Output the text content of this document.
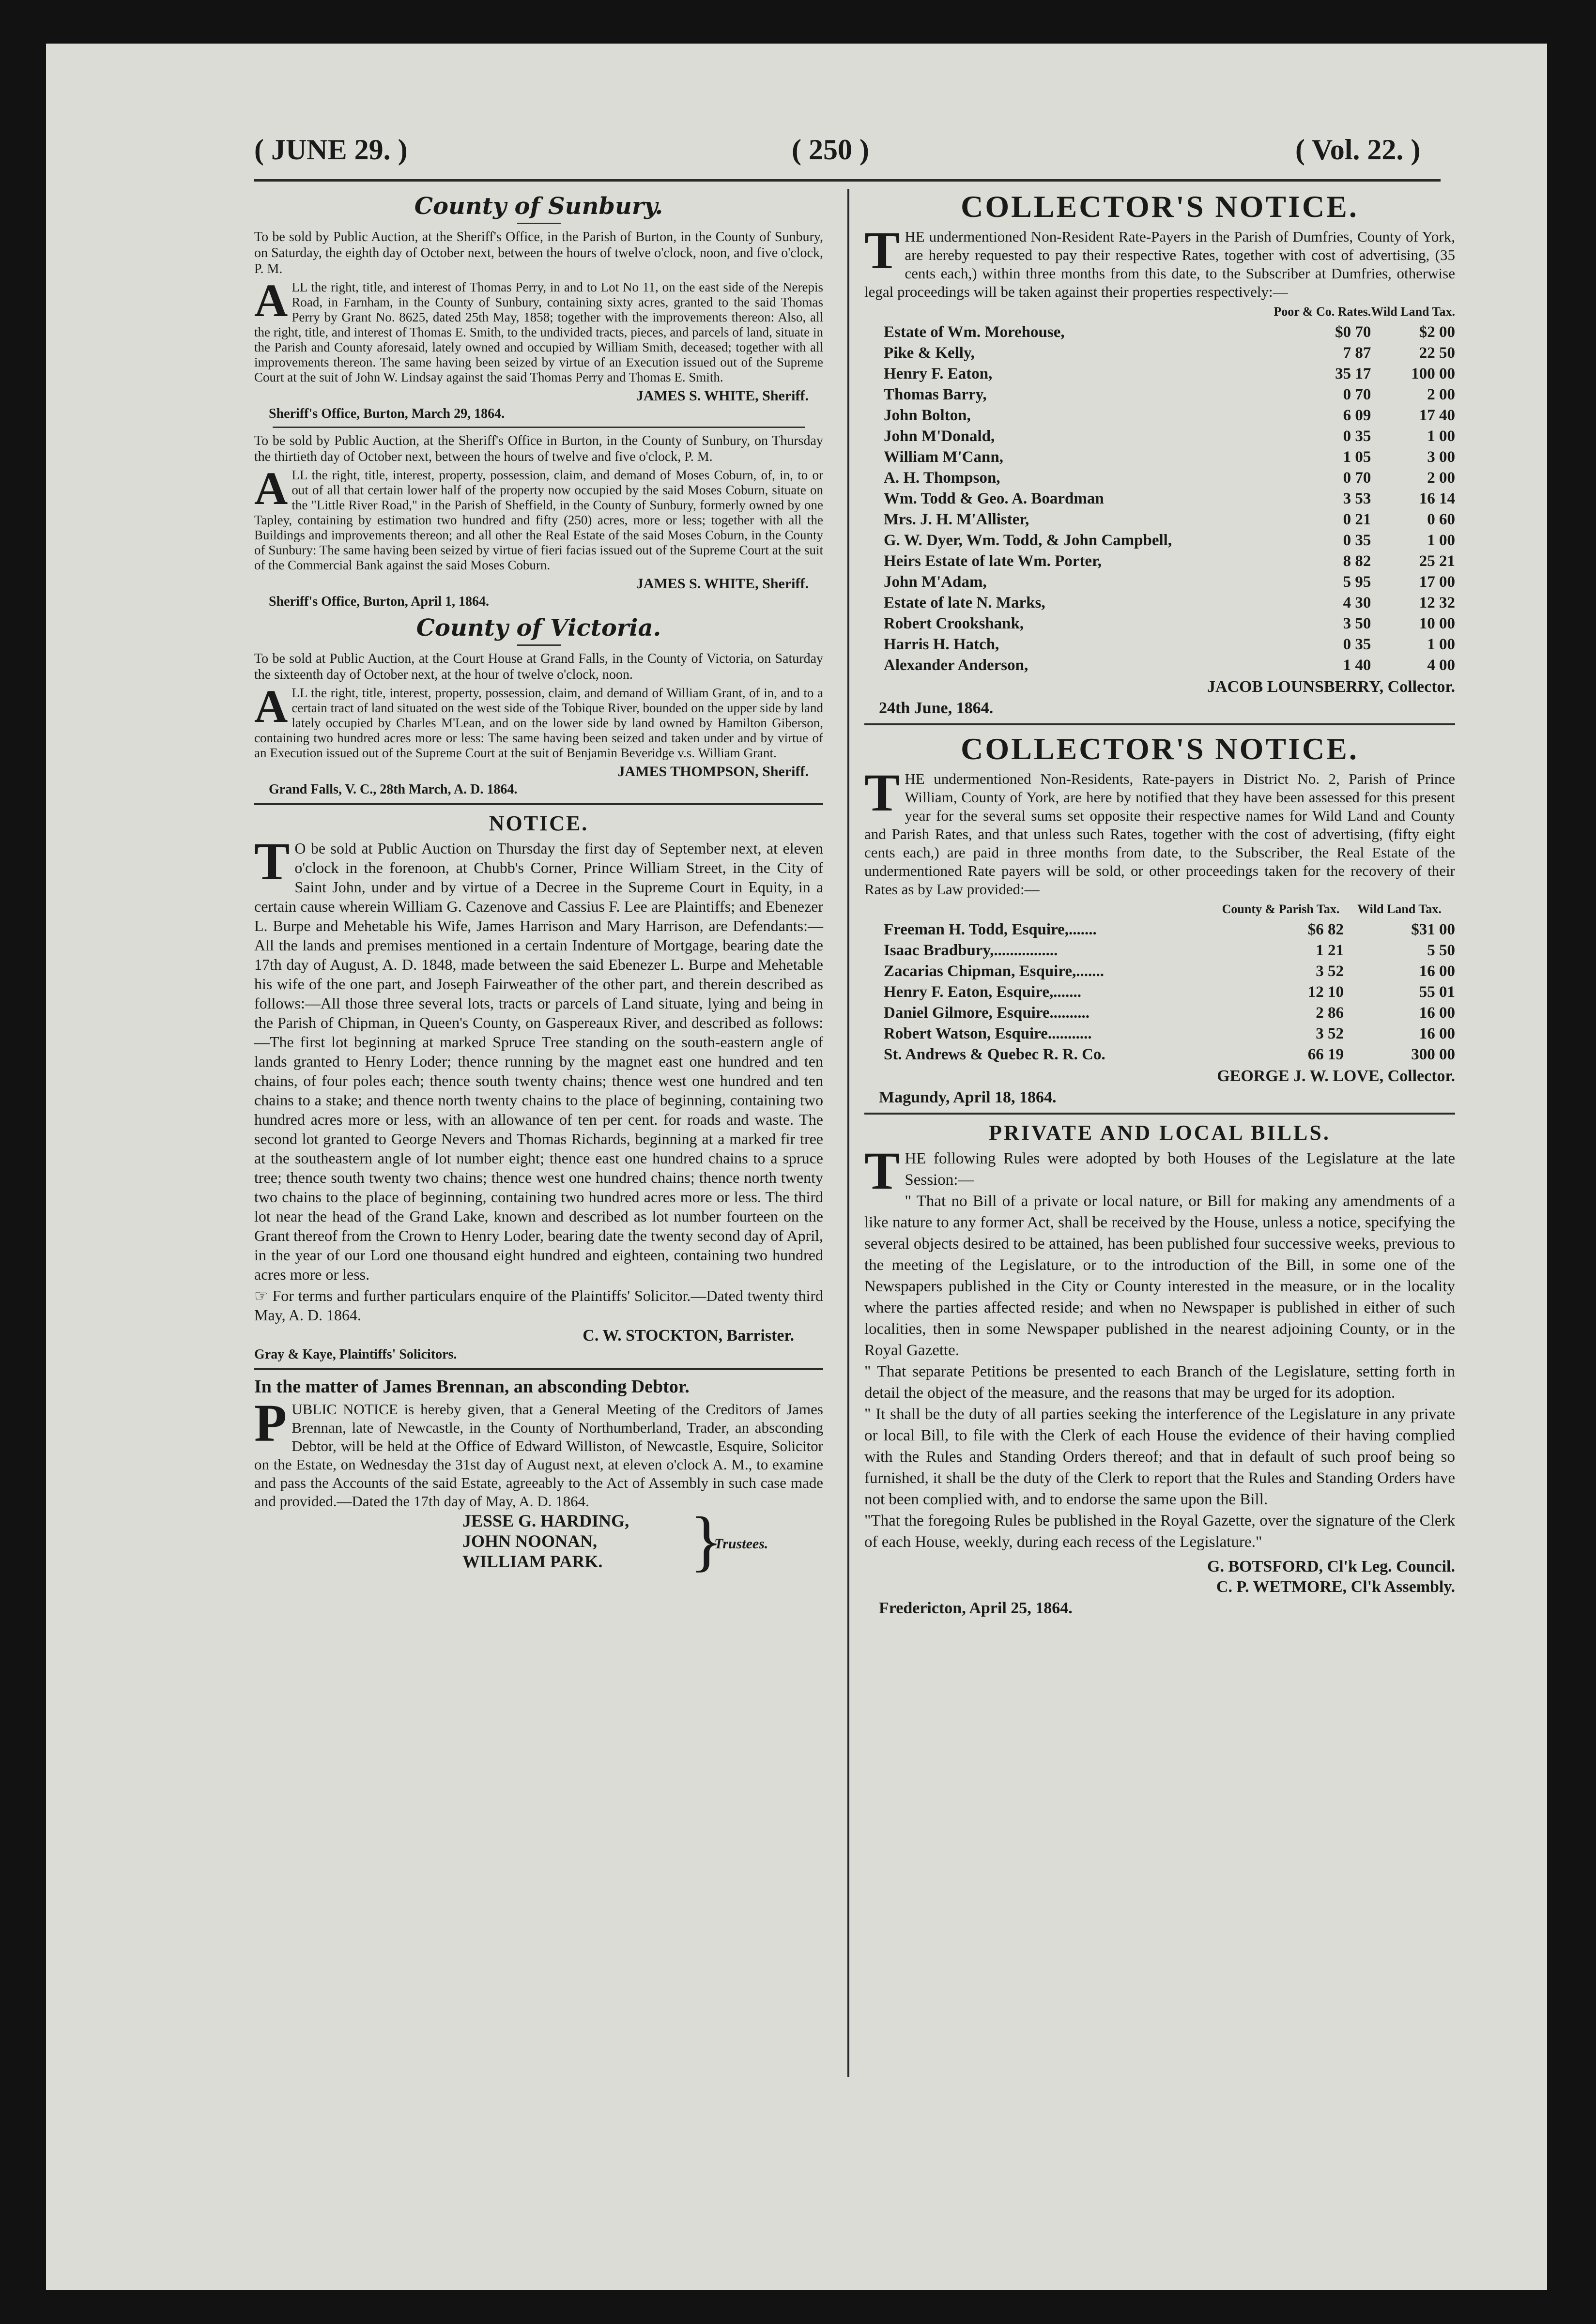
( JUNE 29. )	( 250 )	( Vol. 22. )
County of Sunbury.

To be sold by Public Auction, at the Sheriff's Office, in the Parish of Burton, in the County of Sunbury, on Saturday, the eighth day of October next, between the hours of twelve o'clock, noon, and five o'clock, P. M.

ALL the right, title, and interest of Thomas Perry, in and to Lot No 11, on the east side of the Nerepis Road, in Farnham, in the County of Sunbury, containing sixty acres, granted to the said Thomas Perry by Grant No. 8625, dated 25th May, 1858; together with the improvements thereon: Also, all the right, title, and interest of Thomas E. Smith, to the undivided tracts, pieces, and parcels of land, situate in the Parish and County aforesaid, lately owned and occupied by William Smith, deceased; together with all improvements thereon. The same having been seized by virtue of an Execution issued out of the Supreme Court at the suit of John W. Lindsay against the said Thomas Perry and Thomas E. Smith.

JAMES S. WHITE, Sheriff.
Sheriff's Office, Burton, March 29, 1864.

To be sold by Public Auction, at the Sheriff's Office in Burton, in the County of Sunbury, on Thursday the thirtieth day of October next, between the hours of twelve and five o'clock, P. M.

ALL the right, title, interest, property, possession, claim, and demand of Moses Coburn, of, in, to or out of all that certain lower half of the property now occupied by the said Moses Coburn, situate on the "Little River Road," in the Parish of Sheffield, in the County of Sunbury, formerly owned by one Tapley, containing by estimation two hundred and fifty (250) acres, more or less; together with all the Buildings and improvements thereon; and all other the Real Estate of the said Moses Coburn, in the County of Sunbury: The same having been seized by virtue of fieri facias issued out of the Supreme Court at the suit of the Commercial Bank against the said Moses Coburn.

JAMES S. WHITE, Sheriff.
Sheriff's Office, Burton, April 1, 1864.
County of Victoria.

To be sold at Public Auction, at the Court House at Grand Falls, in the County of Victoria, on Saturday the sixteenth day of October next, at the hour of twelve o'clock, noon.

ALL the right, title, interest, property, possession, claim, and demand of William Grant, of in, and to a certain tract of land situated on the west side of the Tobique River, bounded on the upper side by land lately occupied by Charles M'Lean, and on the lower side by land owned by Hamilton Giberson, containing two hundred acres more or less: The same having been seized and taken under and by virtue of an Execution issued out of the Supreme Court at the suit of Benjamin Beveridge v.s. William Grant.

JAMES THOMPSON, Sheriff.
Grand Falls, V. C., 28th March, A. D. 1864.
NOTICE.

T O be sold at Public Auction on Thursday the first day of September next, at eleven o'clock in the forenoon, at Chubb's Corner, Prince William Street, in the City of Saint John, under and by virtue of a Decree in the Supreme Court in Equity, in a certain cause wherein William G. Cazenove and Cassius F. Lee are Plaintiffs; and Ebenezer L. Burpe and Mehetable his Wife, James Harrison and Mary Harrison, are Defendants:—All the lands and premises mentioned in a certain Indenture of Mortgage, bearing date the 17th day of August, A. D. 1848, made between the said Ebenezer L. Burpe and Mehetable his wife of the one part, and Joseph Fairweather of the other part, and therein described as follows:—All those three several lots, tracts or parcels of Land situate, lying and being in the Parish of Chipman, in Queen's County, on Gaspereaux River, and described as follows:—The first lot beginning at marked Spruce Tree standing on the south-eastern angle of lands granted to Henry Loder; thence running by the magnet east one hundred and ten chains, of four poles each; thence south twenty chains; thence west one hundred and ten chains to a stake; and thence north twenty chains to the place of beginning, containing two hundred acres more or less, with an allowance of ten per cent. for roads and waste. The second lot granted to George Nevers and Thomas Richards, beginning at a marked fir tree at the southeastern angle of lot number eight; thence east one hundred chains to a spruce tree; thence south twenty two chains; thence west one hundred chains; thence north twenty two chains to the place of beginning, containing two hundred acres more or less. The third lot near the head of the Grand Lake, known and described as lot number fourteen on the Grant thereof from the Crown to Henry Loder, bearing date the twenty second day of April, in the year of our Lord one thousand eight hundred and eighteen, containing two hundred acres more or less.

☞ For terms and further particulars enquire of the Plaintiffs' Solicitor.—Dated twenty third May, A. D. 1864.

C. W. STOCKTON, Barrister.
Gray & Kaye, Plaintiffs' Solicitors.
In the matter of James Brennan, an absconding Debtor.

PUBLIC NOTICE is hereby given, that a General Meeting of the Creditors of James Brennan, late of Newcastle, in the County of Northumberland, Trader, an absconding Debtor, will be held at the Office of Edward Williston, of Newcastle, Esquire, Solicitor on the Estate, on Wednesday the 31st day of August next, at eleven o'clock A. M., to examine and pass the Accounts of the said Estate, agreeably to the Act of Assembly in such case made and provided.—Dated the 17th day of May, A. D. 1864.

JESSE G. HARDING,
JOHN NOONAN,
WILLIAM PARK.	}
Trustees.
COLLECTOR'S NOTICE.

THE undermentioned Non-Resident Rate-Payers in the Parish of Dumfries, County of York, are hereby requested to pay their respective Rates, together with cost of advertising, (35 cents each,) within three months from this date, to the Subscriber at Dumfries, otherwise legal proceedings will be taken against their properties respectively:—

	Poor & Co. Rates.	Wild Land Tax.
Estate of Wm. Morehouse,	$0 70	$2 00
Pike & Kelly,	7 87	22 50
Henry F. Eaton,	35 17	100 00
Thomas Barry,	0 70	2 00
John Bolton,	6 09	17 40
John M'Donald,	0 35	1 00
William M'Cann,	1 05	3 00
A. H. Thompson,	0 70	2 00
Wm. Todd & Geo. A. Boardman	3 53	16 14
Mrs. J. H. M'Allister,	0 21	0 60
G. W. Dyer, Wm. Todd, & John Campbell,	0 35	1 00
Heirs Estate of late Wm. Porter,	8 82	25 21
John M'Adam,	5 95	17 00
Estate of late N. Marks,	4 30	12 32
Robert Crookshank,	3 50	10 00
Harris H. Hatch,	0 35	1 00
Alexander Anderson,	1 40	4 00
JACOB LOUNSBERRY, Collector.
24th June, 1864.
COLLECTOR'S NOTICE.

THE undermentioned Non-Residents, Rate-payers in District No. 2, Parish of Prince William, County of York, are here by notified that they have been assessed for this present year for the several sums set opposite their respective names for Wild Land and County and Parish Rates, and that unless such Rates, together with the cost of advertising, (fifty eight cents each,) are paid in three months from date, to the Subscriber, the Real Estate of the undermentioned Rate payers will be sold, or other proceedings taken for the recovery of their Rates as by Law provided:—

	County & Parish Tax.	Wild Land Tax.
Freeman H. Todd, Esquire,.......	$6 82	$31 00
Isaac Bradbury,................	1 21	5 50
Zacarias Chipman, Esquire,.......	3 52	16 00
Henry F. Eaton, Esquire,.......	12 10	55 01
Daniel Gilmore, Esquire..........	2 86	16 00
Robert Watson, Esquire...........	3 52	16 00
St. Andrews & Quebec R. R. Co.	66 19	300 00
GEORGE J. W. LOVE, Collector.
Magundy, April 18, 1864.
PRIVATE AND LOCAL BILLS.

THE following Rules were adopted by both Houses of the Legislature at the late Session:—

" That no Bill of a private or local nature, or Bill for making any amendments of a like nature to any former Act, shall be received by the House, unless a notice, specifying the several objects desired to be attained, has been published four successive weeks, previous to the meeting of the Legislature, or to the introduction of the Bill, in some one of the Newspapers published in the City or County interested in the measure, or in the locality where the parties affected reside; and when no Newspaper is published in either of such localities, then in some Newspaper published in the nearest adjoining County, or in the Royal Gazette.

" That separate Petitions be presented to each Branch of the Legislature, setting forth in detail the object of the measure, and the reasons that may be urged for its adoption.

" It shall be the duty of all parties seeking the interference of the Legislature in any private or local Bill, to file with the Clerk of each House the evidence of their having complied with the Rules and Standing Orders thereof; and that in default of such proof being so furnished, it shall be the duty of the Clerk to report that the Rules and Standing Orders have not been complied with, and to endorse the same upon the Bill.

"That the foregoing Rules be published in the Royal Gazette, over the signature of the Clerk of each House, weekly, during each recess of the Legislature."

G. BOTSFORD, Cl'k Leg. Council.
C. P. WETMORE, Cl'k Assembly.
Fredericton, April 25, 1864.
